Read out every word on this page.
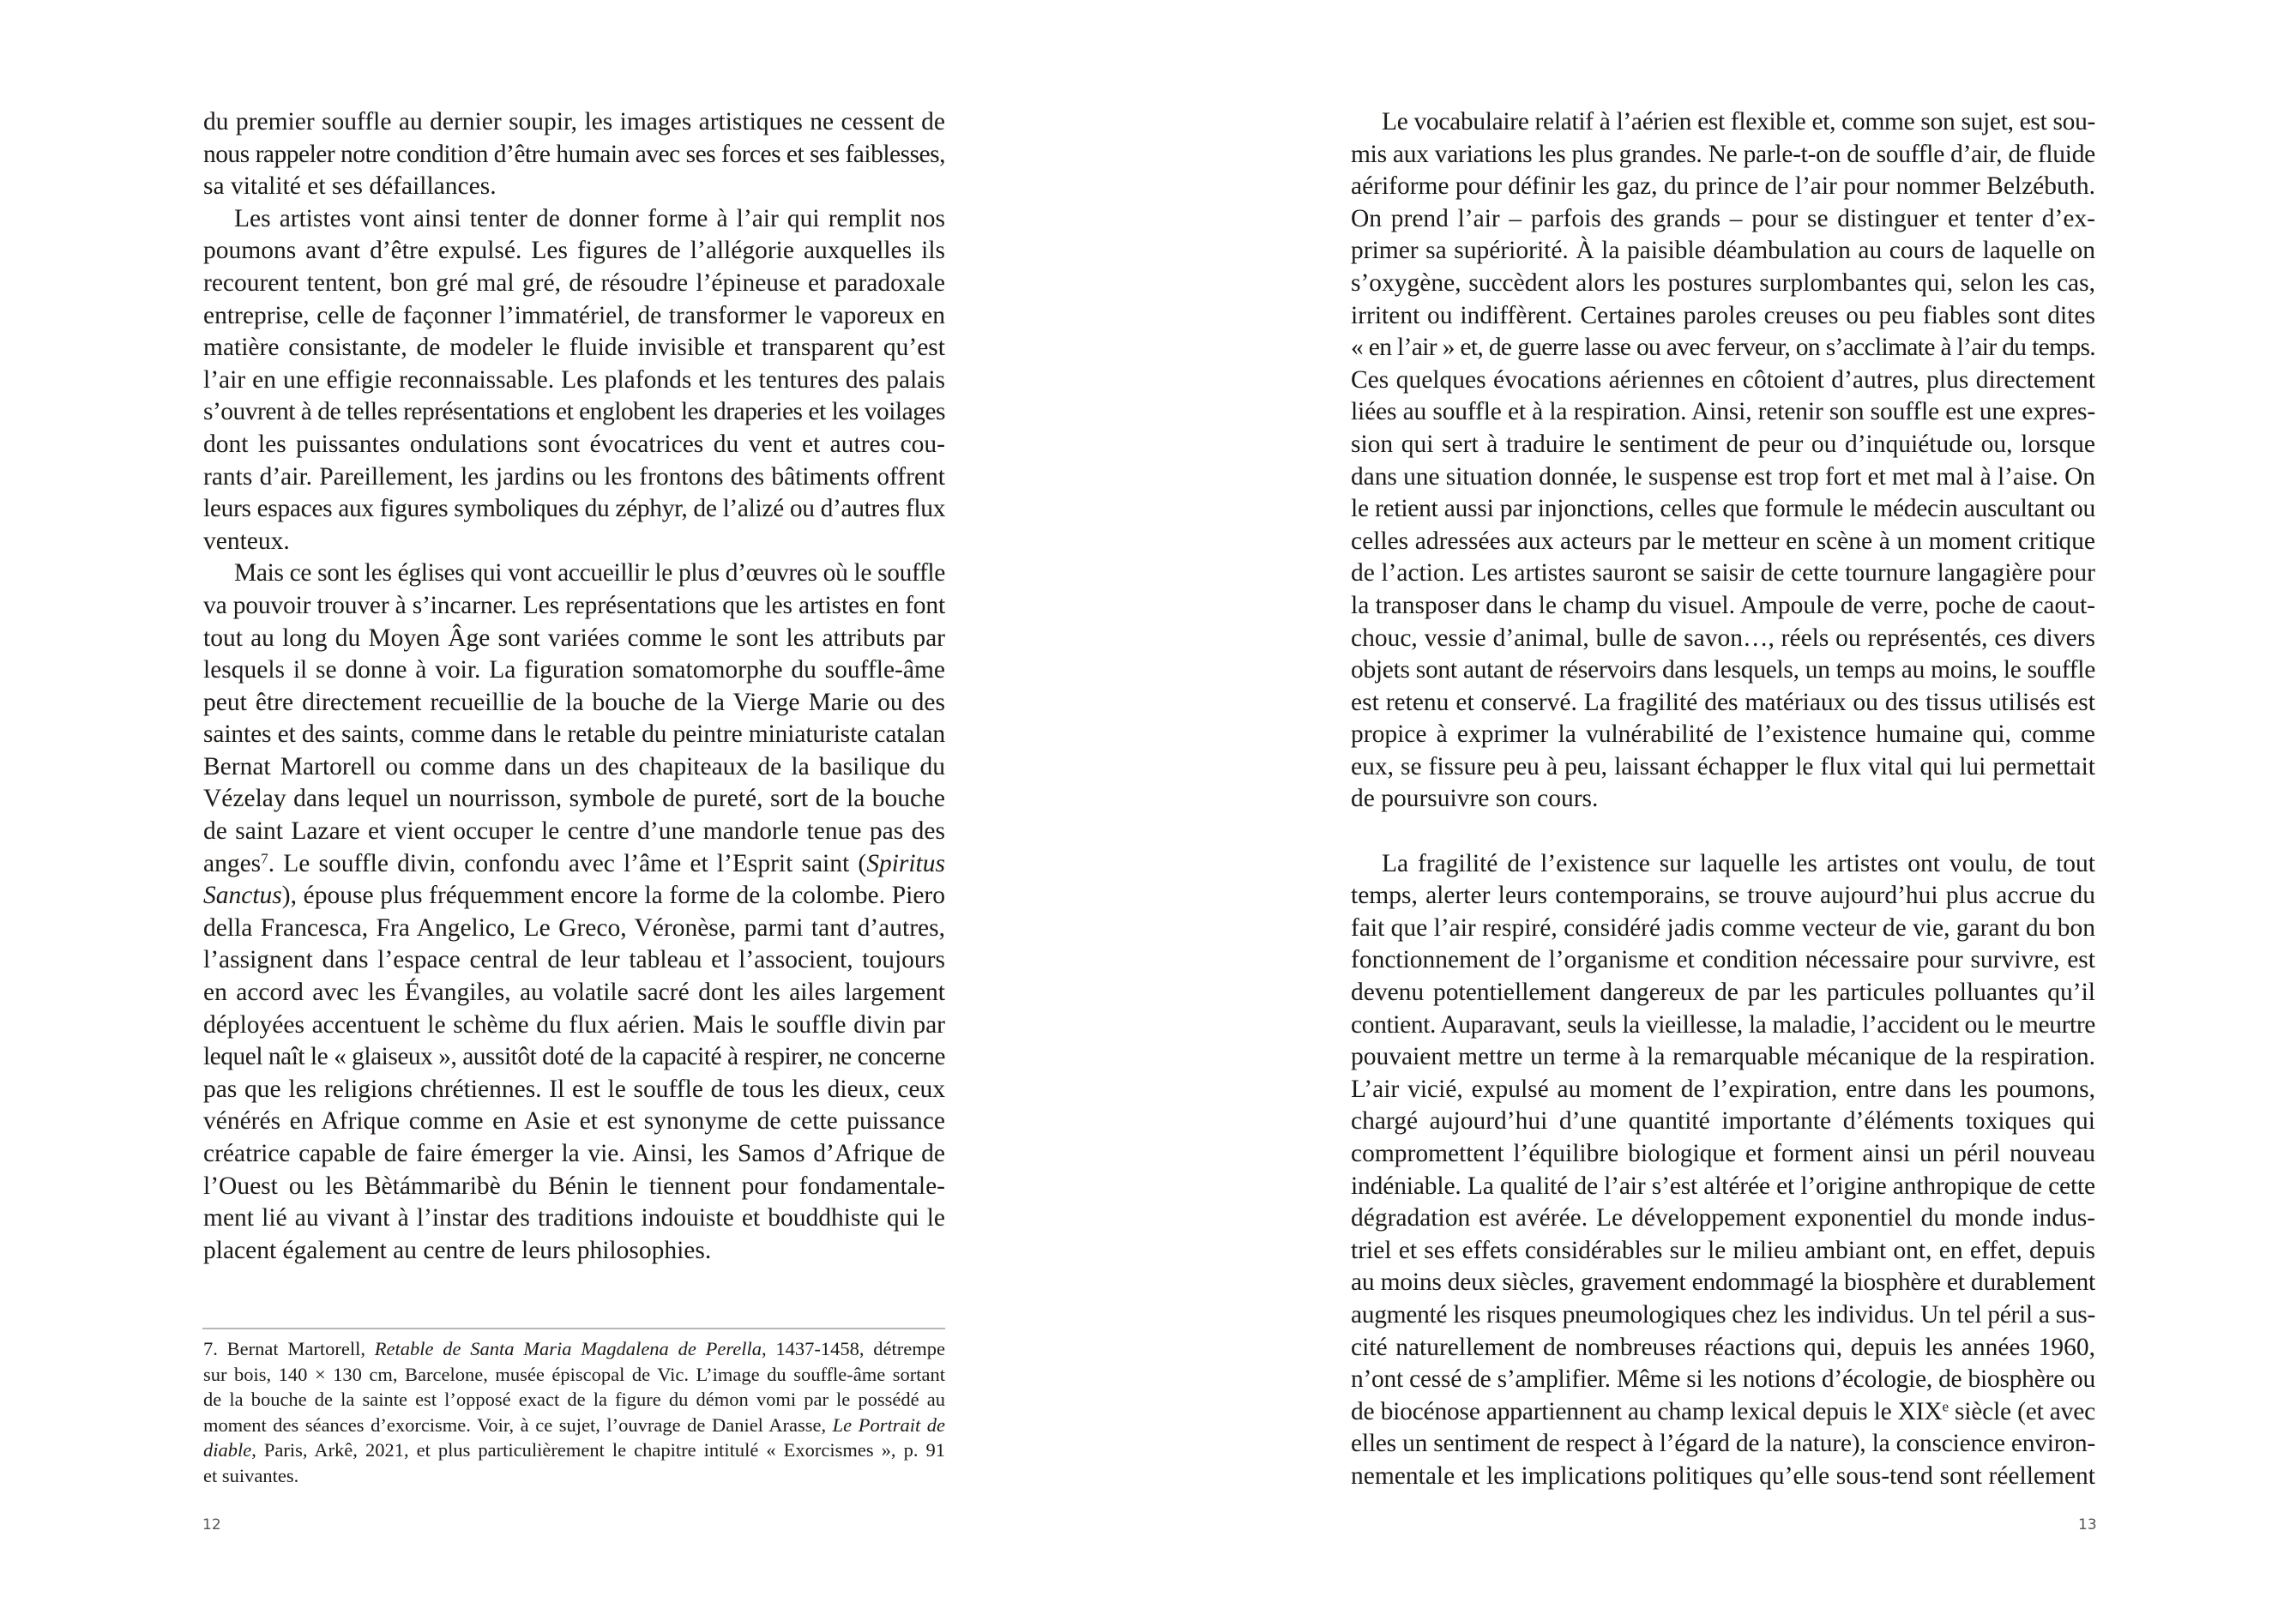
du premier souffle au dernier soupir, les images artistiques ne cessent de
nous rappeler notre condition d’être humain avec ses forces et ses faiblesses,
sa vitalité et ses défaillances.
Les artistes vont ainsi tenter de donner forme à l’air qui remplit nos
poumons avant d’être expulsé. Les figures de l’allégorie auxquelles ils
recourent tentent, bon gré mal gré, de résoudre l’épineuse et paradoxale
entreprise, celle de façonner l’immatériel, de transformer le vaporeux en
matière consistante, de modeler le fluide invisible et transparent qu’est
l’air en une effigie reconnaissable. Les plafonds et les tentures des palais
s’ouvrent à de telles représentations et englobent les draperies et les voilages
dont les puissantes ondulations sont évocatrices du vent et autres cou-
rants d’air. Pareillement, les jardins ou les frontons des bâtiments offrent
leurs espaces aux figures symboliques du zéphyr, de l’alizé ou d’autres flux
venteux.
Mais ce sont les églises qui vont accueillir le plus d’œuvres où le souffle
va pouvoir trouver à s’incarner. Les représentations que les artistes en font
tout au long du Moyen Âge sont variées comme le sont les attributs par
lesquels il se donne à voir. La figuration somatomorphe du souffle-âme
peut être directement recueillie de la bouche de la Vierge Marie ou des
saintes et des saints, comme dans le retable du peintre miniaturiste catalan
Bernat Martorell ou comme dans un des chapiteaux de la basilique du
Vézelay dans lequel un nourrisson, symbole de pureté, sort de la bouche
de saint Lazare et vient occuper le centre d’une mandorle tenue pas des
anges$^7$. Le souffle divin, confondu avec l’âme et l’Esprit saint (Spiritus
Sanctus), épouse plus fréquemment encore la forme de la colombe. Piero
della Francesca, Fra Angelico, Le Greco, Véronèse, parmi tant d’autres,
l’assignent dans l’espace central de leur tableau et l’associent, toujours
en accord avec les Évangiles, au volatile sacré dont les ailes largement
déployées accentuent le schème du flux aérien. Mais le souffle divin par
lequel naît le « glaiseux », aussitôt doté de la capacité à respirer, ne concerne
pas que les religions chrétiennes. Il est le souffle de tous les dieux, ceux
vénérés en Afrique comme en Asie et est synonyme de cette puissance
créatrice capable de faire émerger la vie. Ainsi, les Samos d’Afrique de
l’Ouest ou les Bètámmaribè du Bénin le tiennent pour fondamentale-
ment lié au vivant à l’instar des traditions indouiste et bouddhiste qui le
placent également au centre de leurs philosophies.
7. Bernat Martorell, Retable de Santa Maria Magdalena de Perella, 1437-1458, détrempe
sur bois, 140 × 130 cm, Barcelone, musée épiscopal de Vic. L’image du souffle-âme sortant
de la bouche de la sainte est l’opposé exact de la figure du démon vomi par le possédé au
moment des séances d’exorcisme. Voir, à ce sujet, l’ouvrage de Daniel Arasse, Le Portrait de
diable, Paris, Arkê, 2021, et plus particulièrement le chapitre intitulé « Exorcismes », p. 91
et suivantes.
12
Le vocabulaire relatif à l’aérien est flexible et, comme son sujet, est sou-
mis aux variations les plus grandes. Ne parle-t-on de souffle d’air, de fluide
aériforme pour définir les gaz, du prince de l’air pour nommer Belzébuth.
On prend l’air – parfois des grands – pour se distinguer et tenter d’ex-
primer sa supériorité. À la paisible déambulation au cours de laquelle on
s’oxygène, succèdent alors les postures surplombantes qui, selon les cas,
irritent ou indiffèrent. Certaines paroles creuses ou peu fiables sont dites
« en l’air » et, de guerre lasse ou avec ferveur, on s’acclimate à l’air du temps.
Ces quelques évocations aériennes en côtoient d’autres, plus directement
liées au souffle et à la respiration. Ainsi, retenir son souffle est une expres-
sion qui sert à traduire le sentiment de peur ou d’inquiétude ou, lorsque
dans une situation donnée, le suspense est trop fort et met mal à l’aise. On
le retient aussi par injonctions, celles que formule le médecin auscultant ou
celles adressées aux acteurs par le metteur en scène à un moment critique
de l’action. Les artistes sauront se saisir de cette tournure langagière pour
la transposer dans le champ du visuel. Ampoule de verre, poche de caout-
chouc, vessie d’animal, bulle de savon…, réels ou représentés, ces divers
objets sont autant de réservoirs dans lesquels, un temps au moins, le souffle
est retenu et conservé. La fragilité des matériaux ou des tissus utilisés est
propice à exprimer la vulnérabilité de l’existence humaine qui, comme
eux, se fissure peu à peu, laissant échapper le flux vital qui lui permettait
de poursuivre son cours.
La fragilité de l’existence sur laquelle les artistes ont voulu, de tout
temps, alerter leurs contemporains, se trouve aujourd’hui plus accrue du
fait que l’air respiré, considéré jadis comme vecteur de vie, garant du bon
fonctionnement de l’organisme et condition nécessaire pour survivre, est
devenu potentiellement dangereux de par les particules polluantes qu’il
contient. Auparavant, seuls la vieillesse, la maladie, l’accident ou le meurtre
pouvaient mettre un terme à la remarquable mécanique de la respiration.
L’air vicié, expulsé au moment de l’expiration, entre dans les poumons,
chargé aujourd’hui d’une quantité importante d’éléments toxiques qui
compromettent l’équilibre biologique et forment ainsi un péril nouveau
indéniable. La qualité de l’air s’est altérée et l’origine anthropique de cette
dégradation est avérée. Le développement exponentiel du monde indus-
triel et ses effets considérables sur le milieu ambiant ont, en effet, depuis
au moins deux siècles, gravement endommagé la biosphère et durablement
augmenté les risques pneumologiques chez les individus. Un tel péril a sus-
cité naturellement de nombreuses réactions qui, depuis les années 1960,
n’ont cessé de s’amplifier. Même si les notions d’écologie, de biosphère ou
de biocénose appartiennent au champ lexical depuis le XIXe siècle (et avec
elles un sentiment de respect à l’égard de la nature), la conscience environ-
nementale et les implications politiques qu’elle sous-tend sont réellement
13
